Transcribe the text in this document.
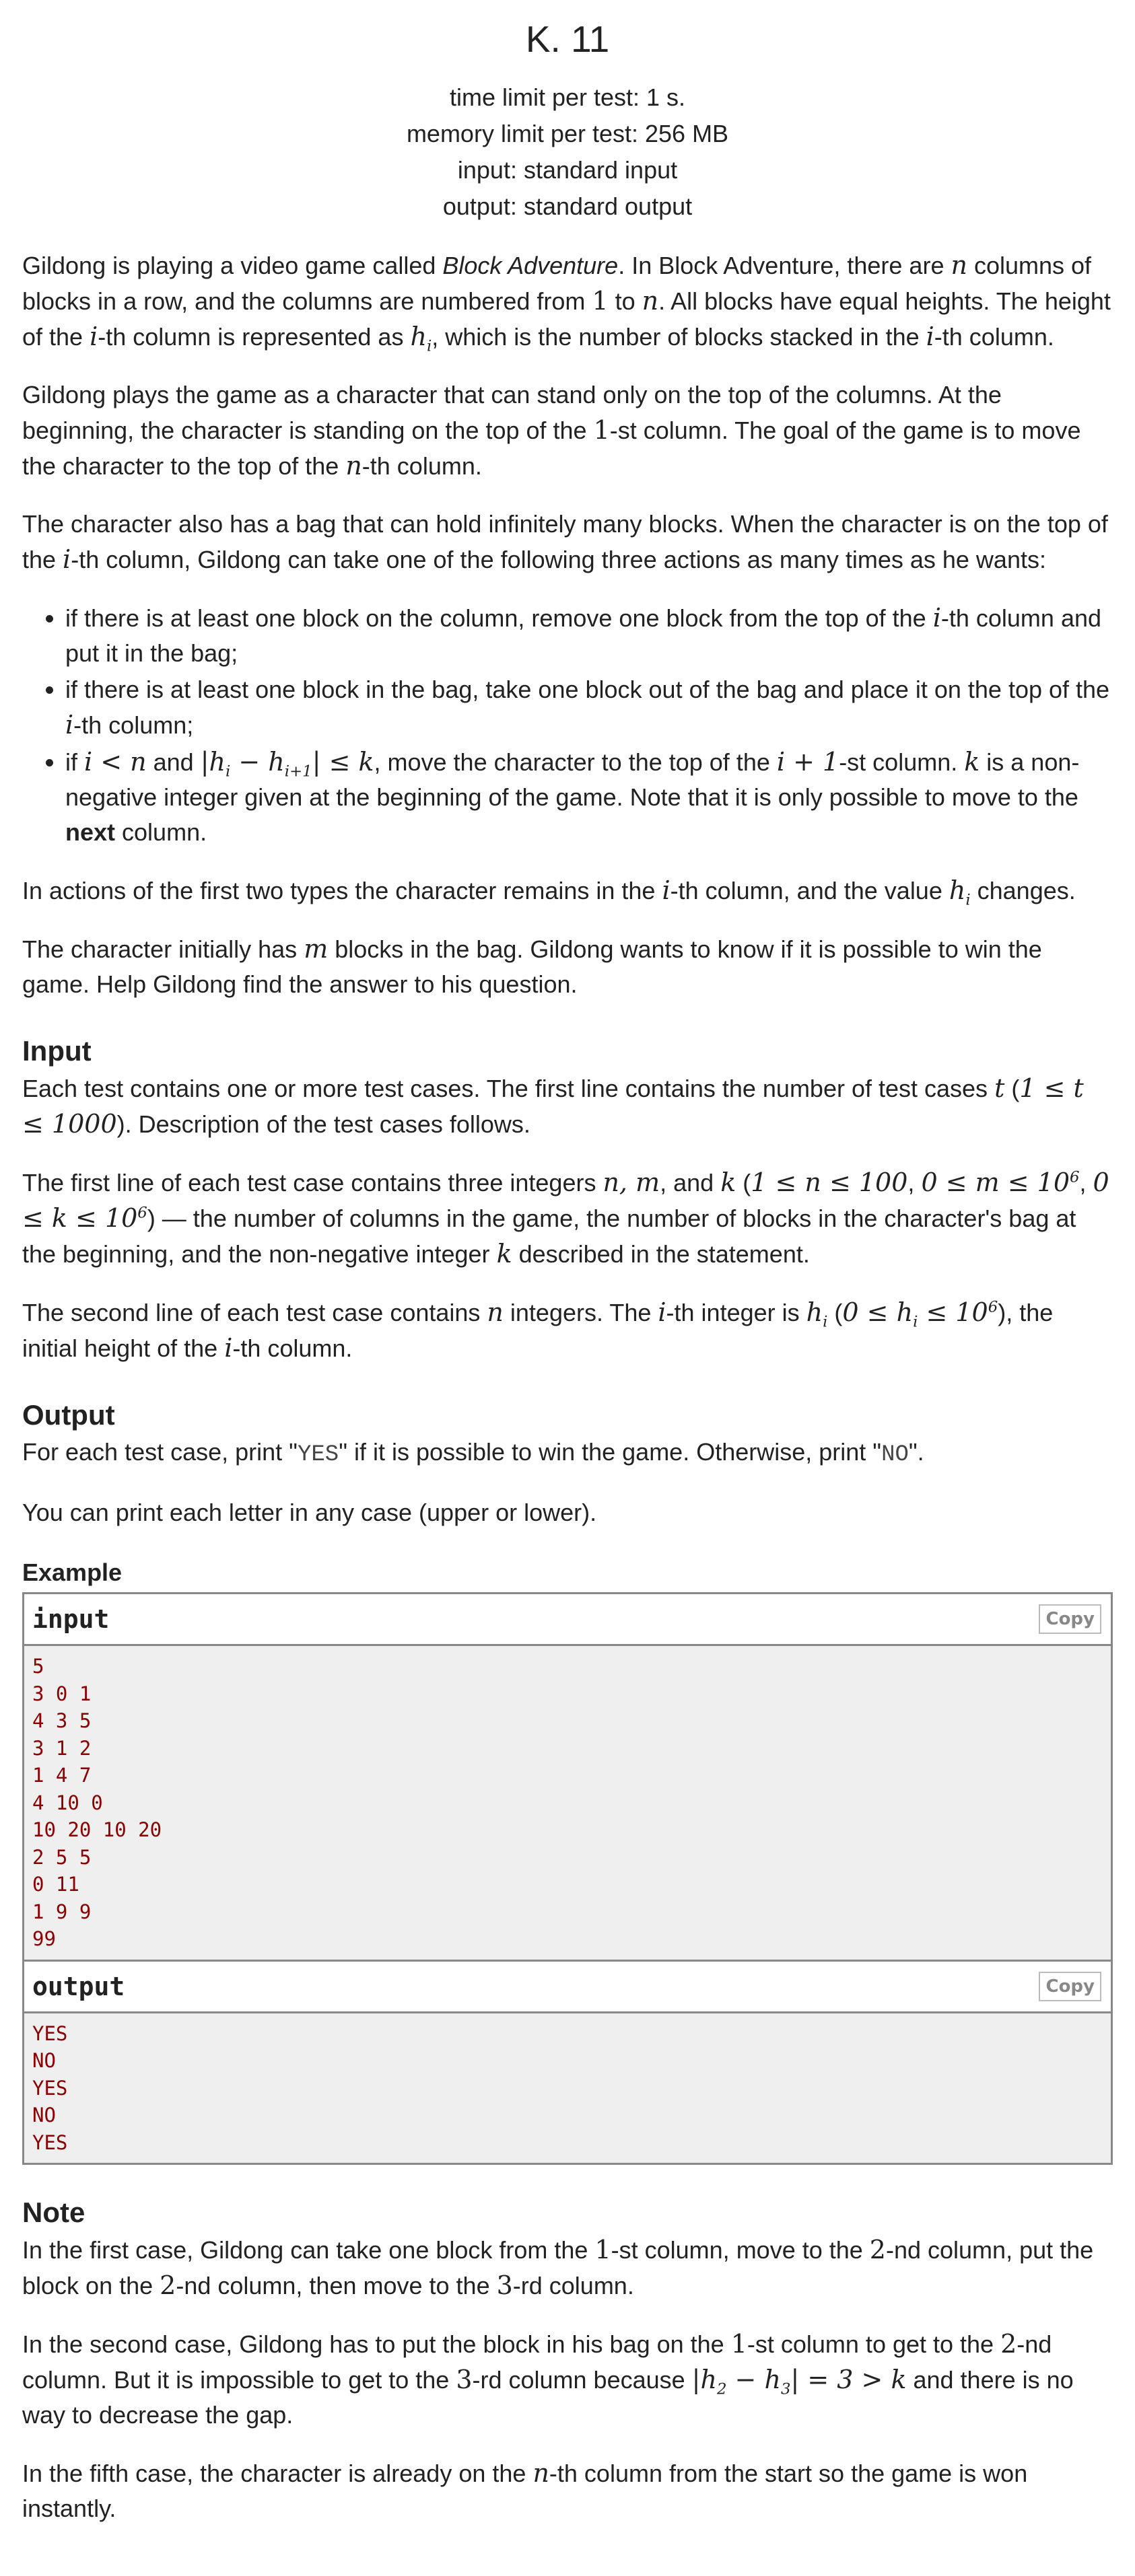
K. 11
time limit per test: 1 s.
memory limit per test: 256 MB
input: standard input
output: standard output

Gildong is playing a video game called Block Adventure. In Block Adventure, there are n columns of blocks in a row, and the columns are numbered from 1 to n. All blocks have equal heights. The height of the i-th column is represented as $h_i$, which is the number of blocks stacked in the i-th column.

Gildong plays the game as a character that can stand only on the top of the columns. At the beginning, the character is standing on the top of the 1-st column. The goal of the game is to move the character to the top of the n-th column.

The character also has a bag that can hold infinitely many blocks. When the character is on the top of the i-th column, Gildong can take one of the following three actions as many times as he wants:

• if there is at least one block on the column, remove one block from the top of the i-th column and put it in the bag;
• if there is at least one block in the bag, take one block out of the bag and place it on the top of the i-th column;
• if i < n and $|h_i - h_{i+1}| \le k$, move the character to the top of the i + 1-st column. k is a non-negative integer given at the beginning of the game. Note that it is only possible to move to the next column.

In actions of the first two types the character remains in the i-th column, and the value $h_i$ changes.

The character initially has m blocks in the bag. Gildong wants to know if it is possible to win the game. Help Gildong find the answer to his question.

Input

Each test contains one or more test cases. The first line contains the number of test cases t (1 ≤ t ≤ 1000). Description of the test cases follows.

The first line of each test case contains three integers n, m, and k (1 ≤ n ≤ 100, $0 \le m \le 10^6$, $0 \le k \le 10^6$) — the number of columns in the game, the number of blocks in the character's bag at the beginning, and the non-negative integer k described in the statement.

The second line of each test case contains n integers. The i-th integer is $h_i$ $(0 \le h_i \le 10^6)$, the initial height of the i-th column.

Output

For each test case, print "YES" if it is possible to win the game. Otherwise, print "NO".

You can print each letter in any case (upper or lower).

Example
input	Copy
5
3 0 1
4 3 5
3 1 2
1 4 7
4 10 0
10 20 10 20
2 5 5
0 11
1 9 9
99
output	Copy
YES
NO
YES
NO
YES
Note

In the first case, Gildong can take one block from the 1-st column, move to the 2-nd column, put the block on the 2-nd column, then move to the 3-rd column.

In the second case, Gildong has to put the block in his bag on the 1-st column to get to the 2-nd column. But it is impossible to get to the 3-rd column because $|h_2 - h_3| = 3 > k$ and there is no way to decrease the gap.

In the fifth case, the character is already on the n-th column from the start so the game is won instantly.
